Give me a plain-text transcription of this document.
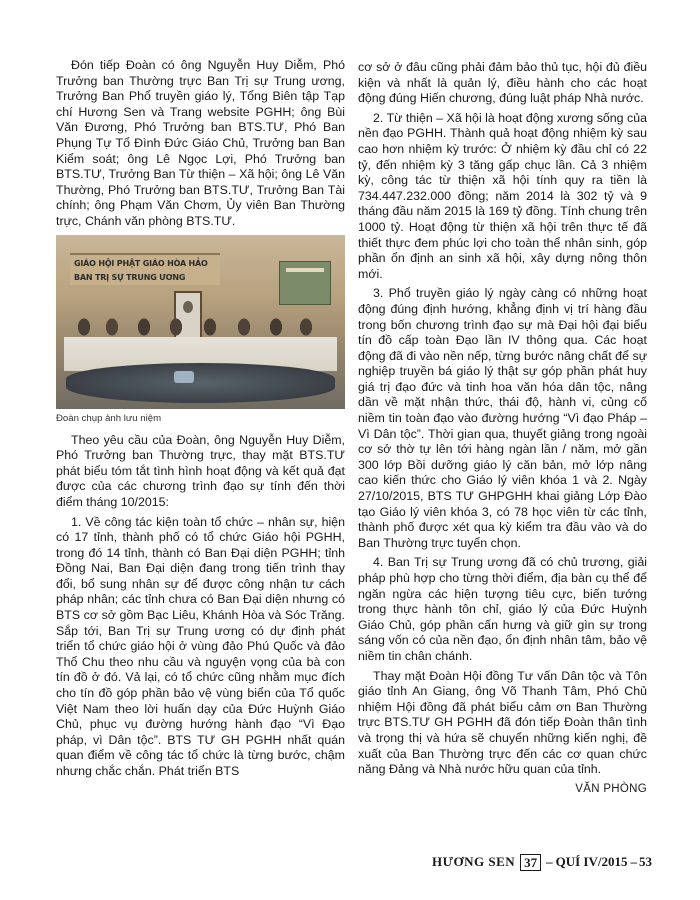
Đón tiếp Đoàn có ông Nguyễn Huy Diễm, Phó Trưởng ban Thường trực Ban Trị sự Trung ương, Trưởng Ban Phổ truyền giáo lý, Tổng Biên tập Tạp chí Hương Sen và Trang website PGHH; ông Bùi Văn Đương, Phó Trưởng ban BTS.TƯ, Phó Ban Phụng Tự Tổ Đình Đức Giáo Chủ, Trưởng ban Ban Kiểm soát; ông Lê Ngọc Lợi, Phó Trưởng ban BTS.TƯ, Trưởng Ban Từ thiện – Xã hội; ông Lê Văn Thường, Phó Trưởng ban BTS.TƯ, Trưởng Ban Tài chính; ông Phạm Văn Chơm, Ủy viên Ban Thường trực, Chánh văn phòng BTS.TƯ.

GIÁO HỘI PHẬT GIÁO HÒA HẢO
BAN TRỊ SỰ TRUNG ƯƠNG
Đoàn chụp ảnh lưu niệm

Theo yêu cầu của Đoàn, ông Nguyễn Huy Diễm, Phó Trưởng ban Thường trực, thay mặt BTS.TƯ phát biểu tóm tắt tình hình hoạt động và kết quả đạt được của các chương trình đạo sự tính đến thời điểm tháng 10/2015:

1. Về công tác kiện toàn tổ chức – nhân sự, hiện có 17 tỉnh, thành phố có tổ chức Giáo hội PGHH, trong đó 14 tỉnh, thành có Ban Đại diện PGHH; tỉnh Đồng Nai, Ban Đại diện đang trong tiến trình thay đổi, bổ sung nhân sự để được công nhận tư cách pháp nhân; các tỉnh chưa có Ban Đại diện nhưng có BTS cơ sở gồm Bạc Liêu, Khánh Hòa và Sóc Trăng. Sắp tới, Ban Trị sự Trung ương có dự định phát triển tổ chức giáo hội ở vùng đảo Phú Quốc và đảo Thổ Chu theo nhu cầu và nguyện vọng của bà con tín đồ ở đó. Vả lại, có tổ chức cũng nhằm mục đích cho tín đồ góp phần bảo vệ vùng biển của Tổ quốc Việt Nam theo lời huấn dạy của Đức Huỳnh Giáo Chủ, phục vụ đường hướng hành đạo “Vì Đạo pháp, vì Dân tộc”. BTS TƯ GH PGHH nhất quán quan điểm về công tác tổ chức là từng bước, chậm nhưng chắc chắn. Phát triển BTS

cơ sở ở đâu cũng phải đảm bảo thủ tục, hội đủ điều kiện và nhất là quản lý, điều hành cho các hoạt động đúng Hiến chương, đúng luật pháp Nhà nước.

2. Từ thiện – Xã hội là hoạt động xương sống của nền đạo PGHH. Thành quả hoạt động nhiệm kỳ sau cao hơn nhiệm kỳ trước: Ở nhiệm kỳ đầu chỉ có 22 tỷ, đến nhiệm kỳ 3 tăng gấp chục lần. Cả 3 nhiệm kỳ, công tác từ thiện xã hội tính quy ra tiền là 734.447.232.000 đồng; năm 2014 là 302 tỷ và 9 tháng đầu năm 2015 là 169 tỷ đồng. Tính chung trên 1000 tỷ. Hoạt động từ thiện xã hội trên thực tế đã thiết thực đem phúc lợi cho toàn thể nhân sinh, góp phần ổn định an sinh xã hội, xây dựng nông thôn mới.

3. Phổ truyền giáo lý ngày càng có những hoạt động đúng định hướng, khẳng định vị trí hàng đầu trong bốn chương trình đạo sự mà Đại hội đại biểu tín đồ cấp toàn Đạo lần IV thông qua. Các hoạt động đã đi vào nền nếp, từng bước nâng chất để sự nghiệp truyền bá giáo lý thật sự góp phần phát huy giá trị đạo đức và tinh hoa văn hóa dân tộc, nâng dần về mặt nhận thức, thái độ, hành vi, củng cố niềm tin toàn đạo vào đường hướng “Vì đạo Pháp – Vì Dân tộc”. Thời gian qua, thuyết giảng trong ngoài cơ sở thờ tự lên tới hàng ngàn lần / năm, mở gần 300 lớp Bồi dưỡng giáo lý căn bản, mở lớp nâng cao kiến thức cho Giáo lý viên khóa 1 và 2. Ngày 27/10/2015, BTS TƯ GHPGHH khai giảng Lớp Đào tạo Giáo lý viên khóa 3, có 78 học viên từ các tỉnh, thành phố được xét qua kỳ kiểm tra đầu vào và do Ban Thường trực tuyển chọn.

4. Ban Trị sự Trung ương đã có chủ trương, giải pháp phù hợp cho từng thời điểm, địa bàn cụ thể để ngăn ngừa các hiện tượng tiêu cực, biến tướng trong thực hành tôn chỉ, giáo lý của Đức Huỳnh Giáo Chủ, góp phần cấn hưng và giữ gìn sự trong sáng vốn có của nền đạo, ổn định nhân tâm, bảo vệ niềm tin chân chánh.

Thay mặt Đoàn Hội đồng Tư vấn Dân tộc và Tôn giáo tỉnh An Giang, ông Võ Thanh Tâm, Phó Chủ nhiệm Hội đồng đã phát biểu cảm ơn Ban Thường trực BTS.TƯ GH PGHH đã đón tiếp Đoàn thân tình và trọng thị và hứa sẽ chuyển những kiến nghị, đề xuất của Ban Thường trực đến các cơ quan chức năng Đảng và Nhà nước hữu quan của tỉnh.

VĂN PHÒNG
HƯƠNG SEN 37 – QUÍ IV/2015 – 53
